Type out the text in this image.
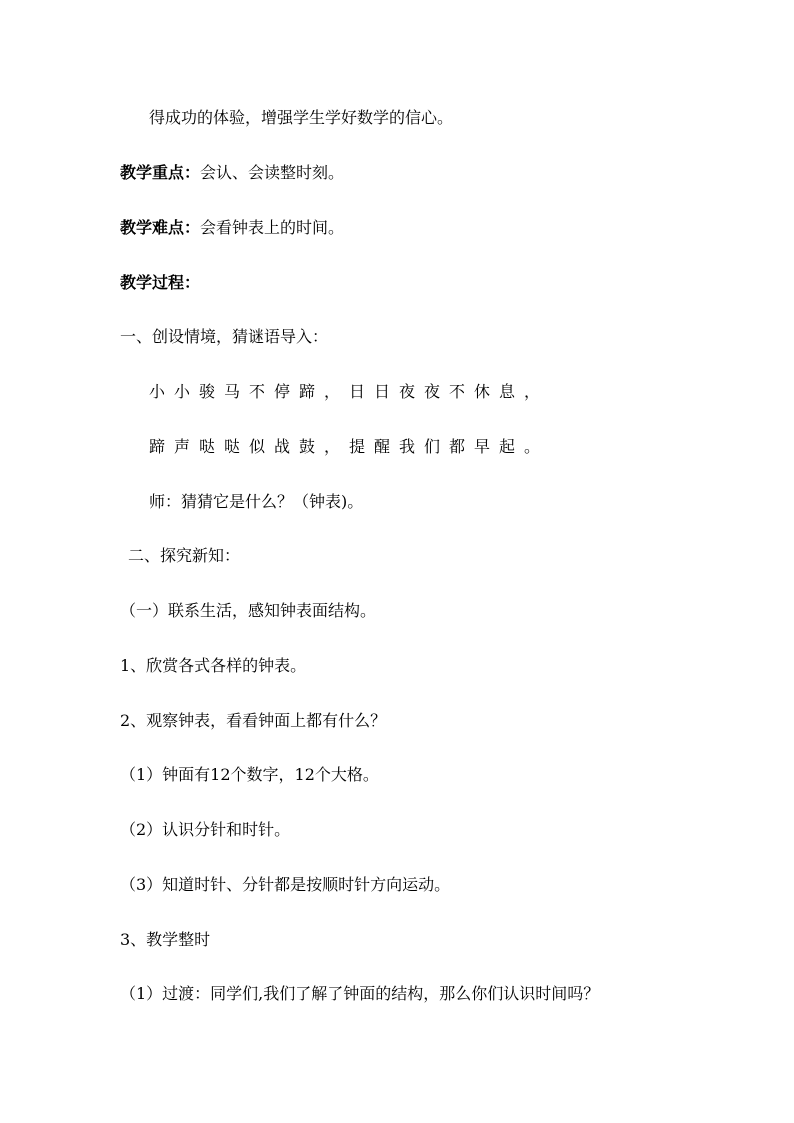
得成功的体验，增强学生学好数学的信心。
教学重点：会认、会读整时刻。
教学难点：会看钟表上的时间。
教学过程：
一、创设情境，猜谜语导入：
小小骏马不停蹄，日日夜夜不休息，
蹄声哒哒似战鼓，提醒我们都早起。
师：猜猜它是什么？（钟表)。
二、探究新知：
（一）联系生活，感知钟表面结构。
1、欣赏各式各样的钟表。
2、观察钟表，看看钟面上都有什么？
（1）钟面有12个数字，12个大格。
（2）认识分针和时针。
（3）知道时针、分针都是按顺时针方向运动。
3、教学整时
（1）过渡：同学们,我们了解了钟面的结构，那么你们认识时间吗？
